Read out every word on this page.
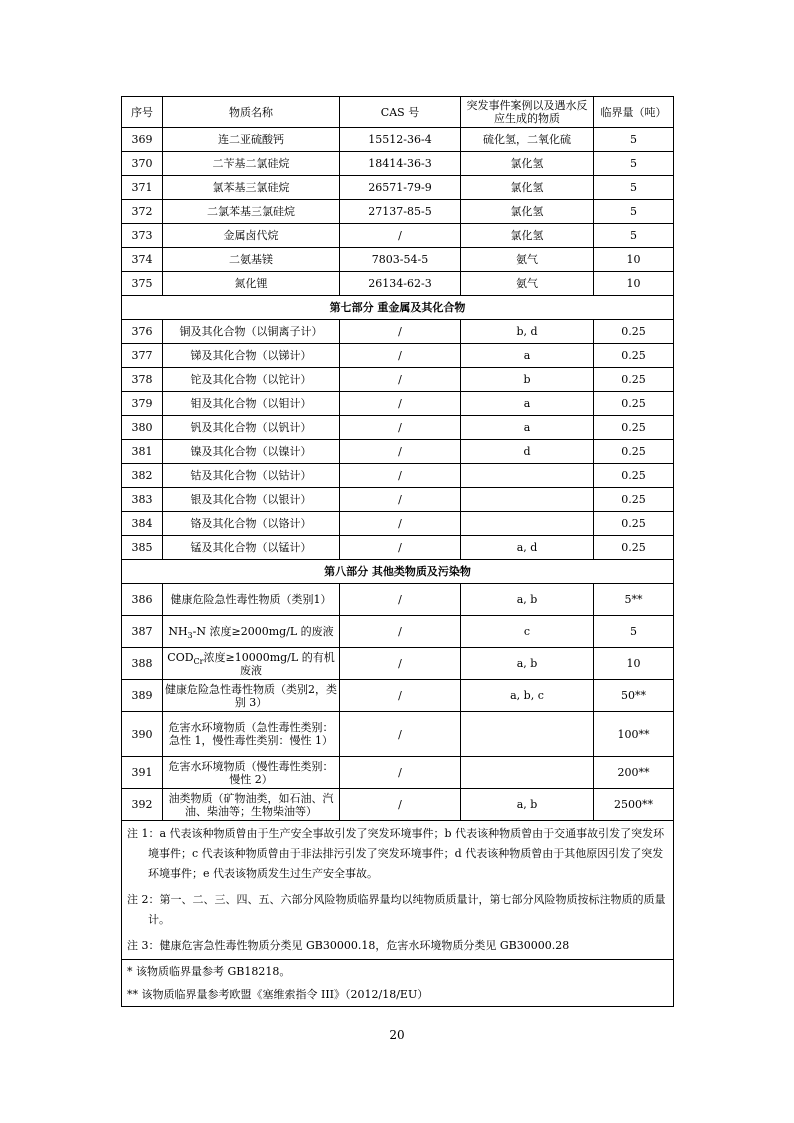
序号	物质名称	CAS 号	突发事件案例以及遇水反应生成的物质	临界量（吨）
369	连二亚硫酸钙	15512-36-4	硫化氢，二氧化硫	5
370	二苄基二氯硅烷	18414-36-3	氯化氢	5
371	氯苯基三氯硅烷	26571-79-9	氯化氢	5
372	二氯苯基三氯硅烷	27137-85-5	氯化氢	5
373	金属卤代烷	/	氯化氢	5
374	二氨基镁	7803-54-5	氨气	10
375	氮化锂	26134-62-3	氨气	10
第七部分 重金属及其化合物				
376	铜及其化合物（以铜离子计）	/	b, d	0.25
377	锑及其化合物（以锑计）	/	a	0.25
378	铊及其化合物（以铊计）	/	b	0.25
379	钼及其化合物（以钼计）	/	a	0.25
380	钒及其化合物（以钒计）	/	a	0.25
381	镍及其化合物（以镍计）	/	d	0.25
382	钴及其化合物（以钴计）	/		0.25
383	银及其化合物（以银计）	/		0.25
384	铬及其化合物（以铬计）	/		0.25
385	锰及其化合物（以锰计）	/	a, d	0.25
第八部分 其他类物质及污染物				
386	健康危险急性毒性物质（类别1）	/	a, b	5**
387	$NH_3-N$ 浓度≥2000mg/L 的废液	/	c	5
388	$COD_{Cr}$浓度≥10000mg/L 的有机废液	/	a, b	10
389	健康危险急性毒性物质（类别2，类别 3）	/	a, b, c	50**
390	危害水环境物质（急性毒性类别：急性 1，慢性毒性类别：慢性 1）	/		100**
391	危害水环境物质（慢性毒性类别：慢性 2）	/		200**
392	油类物质（矿物油类，如石油、汽油、柴油等；生物柴油等）	/	a, b	2500**
注 1：a 代表该种物质曾由于生产安全事故引发了突发环境事件；b 代表该种物质曾由于交通事故引发了突发环境事件；c 代表该种物质曾由于非法排污引发了突发环境事件；d 代表该种物质曾由于其他原因引发了突发环境事件；e 代表该物质发生过生产安全事故。				
注 2：第一、二、三、四、五、六部分风险物质临界量均以纯物质质量计，第七部分风险物质按标注物质的质量计。				
注 3：健康危害急性毒性物质分类见 GB30000.18，危害水环境物质分类见 GB30000.28				
* 该物质临界量参考 GB18218。				
** 该物质临界量参考欧盟《塞维索指令 III》（2012/18/EU）				
20
